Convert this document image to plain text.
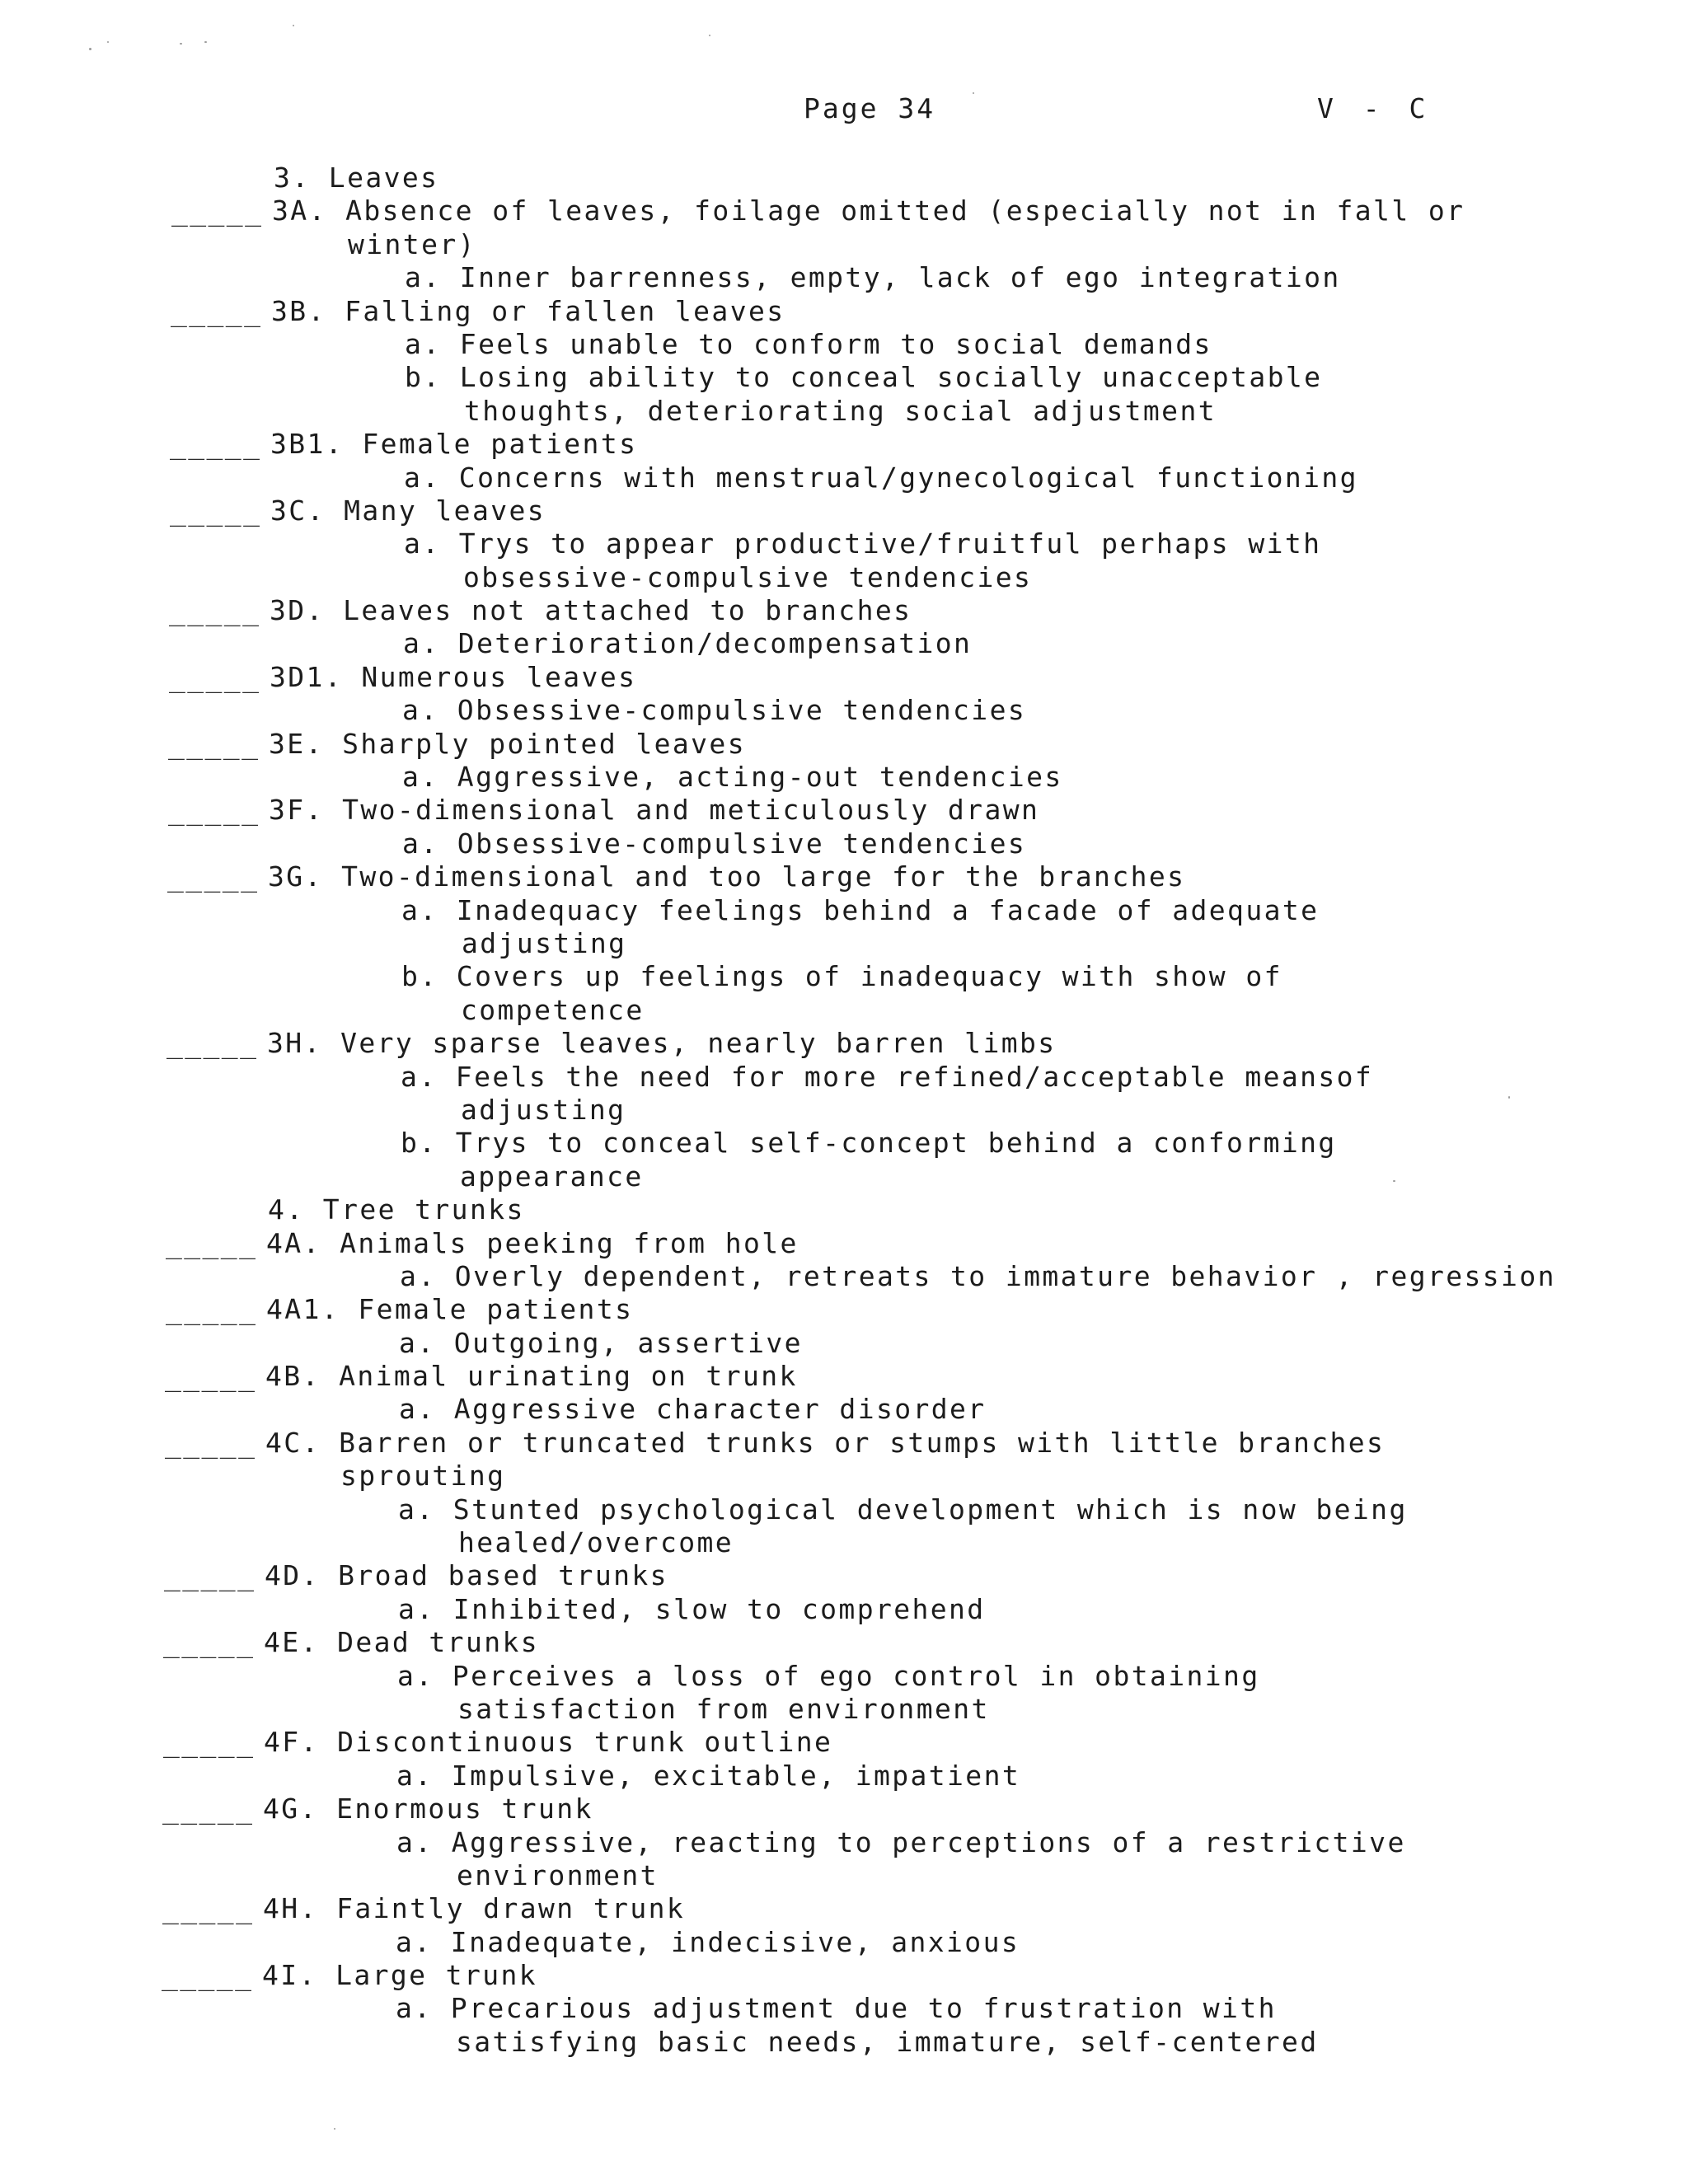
Page 34	V - C
3. Leaves
_____ 3A. Absence of leaves, foilage omitted (especially not in fall or
winter)
a. Inner barrenness, empty, lack of ego integration
_____ 3B. Falling or fallen leaves
a. Feels unable to conform to social demands
b. Losing ability to conceal socially unacceptable
thoughts, deteriorating social adjustment
_____ 3B1. Female patients
a. Concerns with menstrual/gynecological functioning
_____ 3C. Many leaves
a. Trys to appear productive/fruitful perhaps with
obsessive-compulsive tendencies
_____ 3D. Leaves not attached to branches
a. Deterioration/decompensation
_____ 3D1. Numerous leaves
a. Obsessive-compulsive tendencies
_____ 3E. Sharply pointed leaves
a. Aggressive, acting-out tendencies
_____ 3F. Two-dimensional and meticulously drawn
a. Obsessive-compulsive tendencies
_____ 3G. Two-dimensional and too large for the branches
a. Inadequacy feelings behind a facade of adequate
adjusting
b. Covers up feelings of inadequacy with show of
competence
_____ 3H. Very sparse leaves, nearly barren limbs
a. Feels the need for more refined/acceptable meansof
adjusting
b. Trys to conceal self-concept behind a conforming
appearance
4. Tree trunks
_____ 4A. Animals peeking from hole
a. Overly dependent, retreats to immature behavior , regression
_____ 4A1. Female patients
a. Outgoing, assertive
_____ 4B. Animal urinating on trunk
a. Aggressive character disorder
_____ 4C. Barren or truncated trunks or stumps with little branches
sprouting
a. Stunted psychological development which is now being
healed/overcome
_____ 4D. Broad based trunks
a. Inhibited, slow to comprehend
_____ 4E. Dead trunks
a. Perceives a loss of ego control in obtaining
satisfaction from environment
_____ 4F. Discontinuous trunk outline
a. Impulsive, excitable, impatient
_____ 4G. Enormous trunk
a. Aggressive, reacting to perceptions of a restrictive
environment
_____ 4H. Faintly drawn trunk
a. Inadequate, indecisive, anxious
_____ 4I. Large trunk
a. Precarious adjustment due to frustration with
satisfying basic needs, immature, self-centered
